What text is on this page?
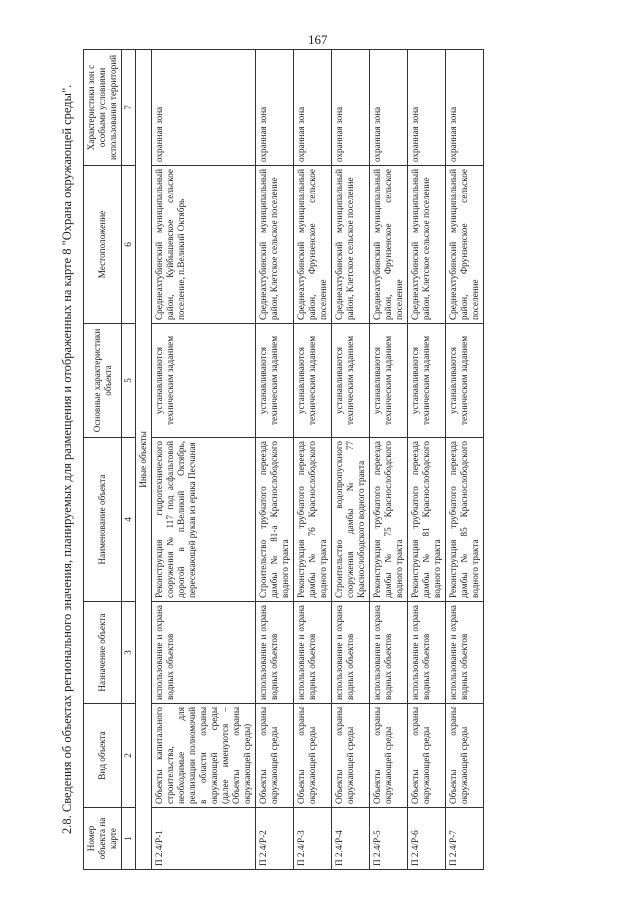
167

2.8. Сведения об объектах регионального значения, планируемых для размещения и отображенных на карте 8 "Охрана окружающей среды".

Номер объекта на карте	Вид объекта	Назначение объекта	Наименование объекта	Основные характеристики объекта	Местоположение	Характеристики зон с особыми условиями использования территорий
1	2	3	4	5	6	7
Иные объекты						
П 2.4/Р-1	Объекты капитального строительства, необходимые для реализации полномочий в области охраны окружающей среды (далее именуются – Объекты охраны окружающей среды)	использование и охрана водных объектов	Реконструкция гидротехнического сооружения № 117 под асфальтовой дорогой в п.Великий Октябрь, пересекающей рукав из ерика Песчаная	устанавливаются техническим заданием	Среднеахтубинский муниципальный район, Куйбышевское сельское поселение, п.Великий Октябрь	охранная зона
П 2.4/Р-2	Объекты охраны окружающей среды	использование и охрана водных объектов	Строительство трубчатого переезда дамбы № 81-а Краснослободского водного тракта	устанавливаются техническим заданием	Среднеахтубинский муниципальный район, Клетское сельское поселение	охранная зона
П 2.4/Р-3	Объекты охраны окружающей среды	использование и охрана водных объектов	Реконструкция трубчатого переезда дамбы № 76 Краснослободского водного тракта	устанавливаются техническим заданием	Среднеахтубинский муниципальный район, Фрунзенское сельское поселение	охранная зона
П 2.4/Р-4	Объекты охраны окружающей среды	использование и охрана водных объектов	Строительство водопропускного сооружения дамбы № 77 Краснослободского водного тракта	устанавливаются техническим заданием	Среднеахтубинский муниципальный район, Клетское сельское поселение	охранная зона
П 2.4/Р-5	Объекты охраны окружающей среды	использование и охрана водных объектов	Реконструкция трубчатого переезда дамбы № 75 Краснослободского водного тракта	устанавливаются техническим заданием	Среднеахтубинский муниципальный район, Фрунзенское сельское поселение	охранная зона
П 2.4/Р-6	Объекты охраны окружающей среды	использование и охрана водных объектов	Реконструкция трубчатого переезда дамбы № 81 Краснослободского водного тракта	устанавливаются техническим заданием	Среднеахтубинский муниципальный район, Клетское сельское поселение	охранная зона
П 2.4/Р-7	Объекты охраны окружающей среды	использование и охрана водных объектов	Реконструкция трубчатого переезда дамбы № 85 Краснослободского водного тракта	устанавливаются техническим заданием	Среднеахтубинский муниципальный район, Фрунзенское сельское поселение	охранная зона
